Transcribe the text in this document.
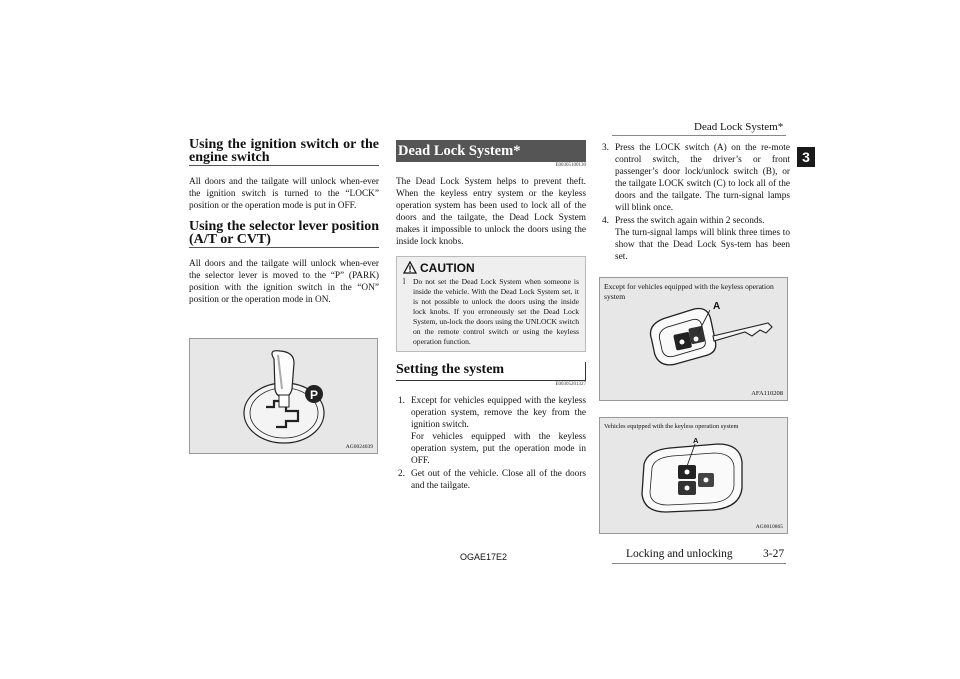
Dead Lock System*
3
Using the ignition switch or the engine switch

All doors and the tailgate will unlock when-ever the ignition switch is turned to the “LOCK” position or the operation mode is put in OFF.

Using the selector lever position (A/T or CVT)

All doors and the tailgate will unlock when-ever the selector lever is moved to the “P” (PARK) position with the ignition switch in the “ON” position or the operation mode in ON.

P
AG0024039
Dead Lock System*
E00305100130

The Dead Lock System helps to prevent theft. When the keyless entry system or the keyless operation system has been used to lock all of the doors and the tailgate, the Dead Lock System makes it impossible to unlock the doors using the inside lock knobs.

CAUTION
l	Do not set the Dead Lock System when someone is inside the vehicle. With the Dead Lock System set, it is not possible to unlock the doors using the inside lock knobs. If you erroneously set the Dead Lock System, un-lock the doors using the UNLOCK switch on the remote control switch or using the keyless operation function.
Setting the system
E00305201327
1. Except for vehicles equipped with the keyless operation system, remove the key from the ignition switch.
For vehicles equipped with the keyless operation system, put the operation mode in OFF.
2. Get out of the vehicle. Close all of the doors and the tailgate.
3. Press the LOCK switch (A) on the re-mote control switch, the driver’s or front passenger’s door lock/unlock switch (B), or the tailgate LOCK switch (C) to lock all of the doors and the tailgate. The turn-signal lamps will blink once.
4. Press the switch again within 2 seconds.
The turn-signal lamps will blink three times to show that the Dead Lock Sys-tem has been set.
Except for vehicles equipped with the keyless operation system
A
AFA110208
Vehicles equipped with the keyless operation system
A
AG0010865
OGAE17E2	Locking and unlocking	3-27
